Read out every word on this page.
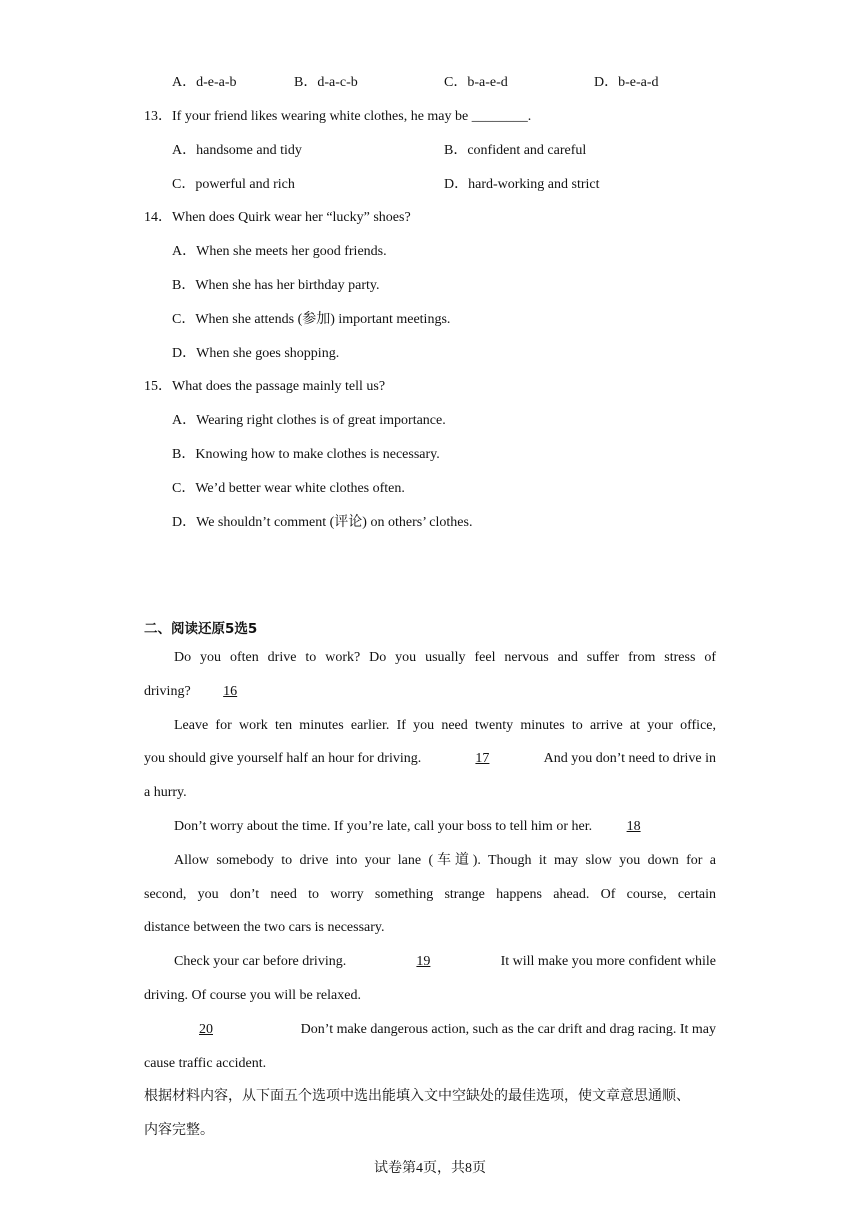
A．d-e-a-b	B．d-a-c-b	C．b-a-e-d	D．b-e-a-d
13．If your friend likes wearing white clothes, he may be ________.
A．handsome and tidy	B．confident and careful
C．powerful and rich	D．hard-working and strict
14．When does Quirk wear her “lucky” shoes?
A．When she meets her good friends.
B．When she has her birthday party.
C．When she attends (参加) important meetings.
D．When she goes shopping.
15．What does the passage mainly tell us?
A．Wearing right clothes is of great importance.
B．Knowing how to make clothes is necessary.
C．We’d better wear white clothes often.
D．We shouldn’t comment (评论) on others’ clothes.
二、阅读还原5选5
Do you often drive to work? Do you usually feel nervous and suffer from stress of
driving? 16
Leave for work ten minutes earlier. If you need twenty minutes to arrive at your office,
you should give yourself half an hour for driving.	17	And you don’t need to drive in
a hurry.
Don’t worry about the time. If you’re late, call your boss to tell him or her. 18
Allow somebody to drive into your lane (车道). Though it may slow you down for a
second, you don’t need to worry something strange happens ahead. Of course, certain
distance between the two cars is necessary.
Check your car before driving.	19	It will make you more confident while
driving. Of course you will be relaxed.
20	Don’t make dangerous action, such as the car drift and drag racing. It may
cause traffic accident.
根据材料内容，从下面五个选项中选出能填入文中空缺处的最佳选项，使文章意思通顺、
内容完整。
试卷第4页，共8页
